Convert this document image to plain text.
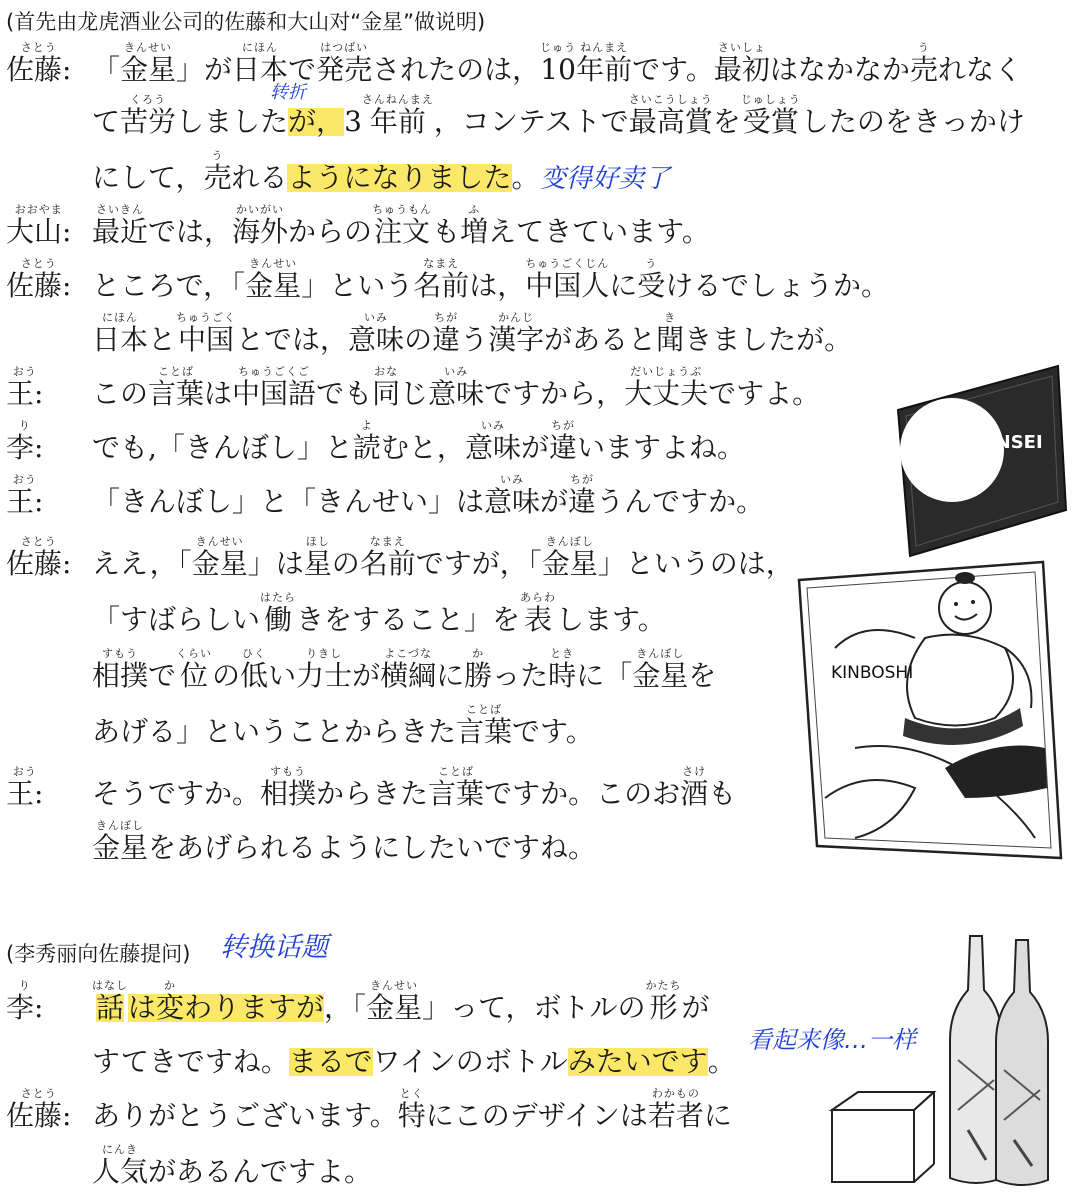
(首先由龙虎酒业公司的佐藤和大山对“金星”做说明)
さとう
佐藤: 「
きんせい
金星 」が
にほん
日本 で
はつばい
発売 されたのは，
じゅう
10
ねんまえ
年前 です。
さいしょ
最初 はなかなか
う
売 れなく
て
くろう
苦労 しました が， 3
さんねんまえ
年前 ，コンテストで
さいこうしょう
最高賞 を
じゅしょう
受賞 したのをきっかけ
にして，
う
売 れる ようになりました 。
おおやま
大山:
さいきん
最近 では，
かいがい
海外 からの
ちゅうもん
注文 も
ふ
増 えてきています。
さとう
佐藤: ところで，「
きんせい
金星 」という
なまえ
名前 は，
ちゅうごくじん
中国人 に
う
受 けるでしょうか。
にほん
日本 と
ちゅうごく
中国 とでは，
いみ
意味 の
ちが
違 う
かんじ
漢字 があると
き
聞 きましたが。
おう
王: この
ことば
言葉 は
ちゅうごくご
中国語 でも
おな
同 じ
いみ
意味 ですから，
だいじょうぶ
大丈夫 ですよ。
り
李: でも,「きんぼし」と
よ
読 むと，
いみ
意味 が
ちが
違 いますよね。
おう
王: 「きんぼし」と「きんせい」は
いみ
意味 が
ちが
違 うんですか。
さとう
佐藤: ええ，「
きんせい
金星 」は
ほし
星 の
なまえ
名前 ですが，「
きんぼし
金星 」というのは，
「すばらしい
はたら
働 きをすること」を
あらわ
表 します。
すもう
相撲 で
くらい
位 の
ひく
低 い
りきし
力士 が
よこづな
横綱 に
か
勝 った
とき
時 に「
きんぼし
金星 を
あげる」ということからきた
ことば
言葉 です。
おう
王: そうですか。
すもう
相撲 からきた
ことば
言葉 ですか。このお
さけ
酒 も
きんぼし
金星 をあげられるようにしたいですね。
り
李:
はなし
話 は
か
変 わりますが ，「
きんせい
金星 」って，ボトルの
かたち
形 が
すてきですね。 まるで ワインのボトル みたいです 。
さとう
佐藤: ありがとうございます。
とく
特 にこのデザインは
わかもの
若者 に
にんき
人気 があるんですよ。
(李秀丽向佐藤提问)
转折
变得好卖了
转换话题
看起来像…一样
KINSEI
KINBOSHI
